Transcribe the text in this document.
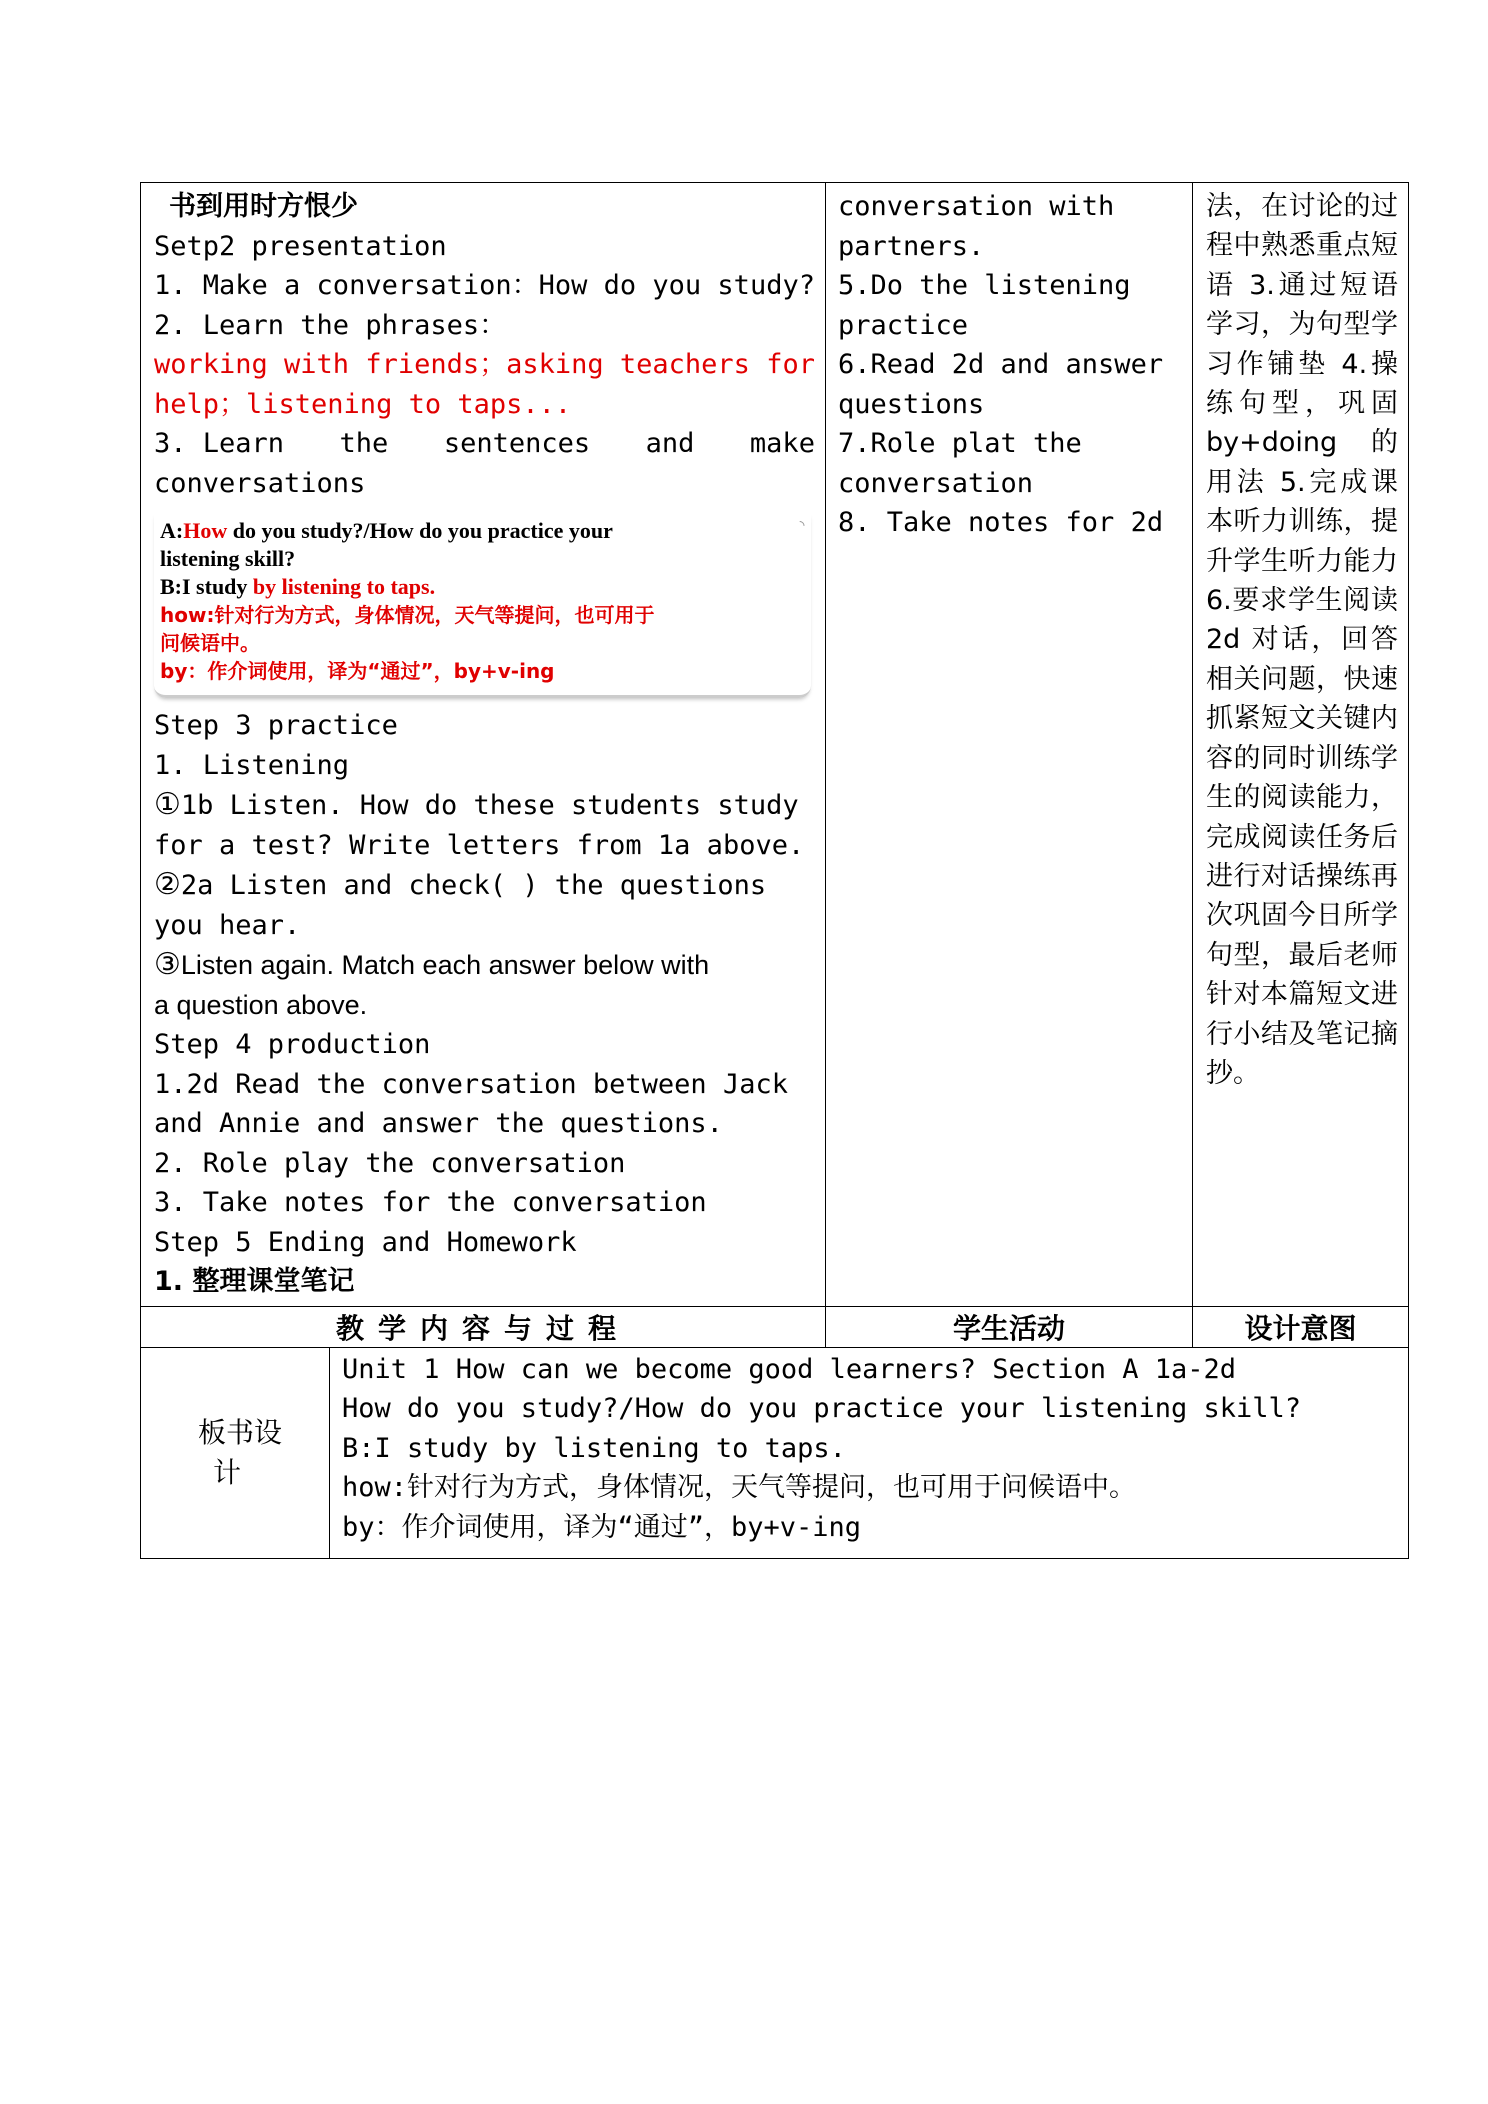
书到用时方恨少
Setp2 presentation
1. Make a conversation：How do you study?
2. Learn the phrases：
working with friends；asking teachers for
help；listening to taps...
3. Learn the sentences and make
conversations
◝
A:How do you study?/How do you practice your
listening skill?
B:I study by listening to taps.
how:针对行为方式，身体情况，天气等提问，也可用于
问候语中。
by：作介词使用，译为“通过”，by+v-ing
Step 3 practice
1. Listening
①1b Listen. How do these students study
for a test? Write letters from 1a above.
②2a Listen and check( ) the questions
you hear.
③Listen again. Match each answer below with
a question above.
Step 4 production
1.2d Read the conversation between Jack
and Annie and answer the questions.
2. Role play the conversation
3. Take notes for the conversation
Step 5 Ending and Homework
1. 整理课堂笔记

conversation with
partners.
5.Do the listening
practice
6.Read 2d and answer
questions
7.Role plat the
conversation
8. Take notes for 2d

法，在讨论的过程中熟悉重点短语 3.通过短语学习，为句型学习作铺垫 4.操练句型，巩固 by+doing 的用法 5.完成课本听力训练，提升学生听力能力 6.要求学生阅读 2d 对话，回答相关问题，快速抓紧短文关键内容的同时训练学生的阅读能力，完成阅读任务后进行对话操练再次巩固今日所学句型，最后老师针对本篇短文进行小结及笔记摘抄。

教学内容与过程	学生活动	设计意图

板书设
计

Unit 1 How can we become good learners? Section A 1a-2d
How do you study?/How do you practice your listening skill?
B:I study by listening to taps.
how:针对行为方式，身体情况，天气等提问，也可用于问候语中。
by：作介词使用，译为“通过”，by+v-ing
